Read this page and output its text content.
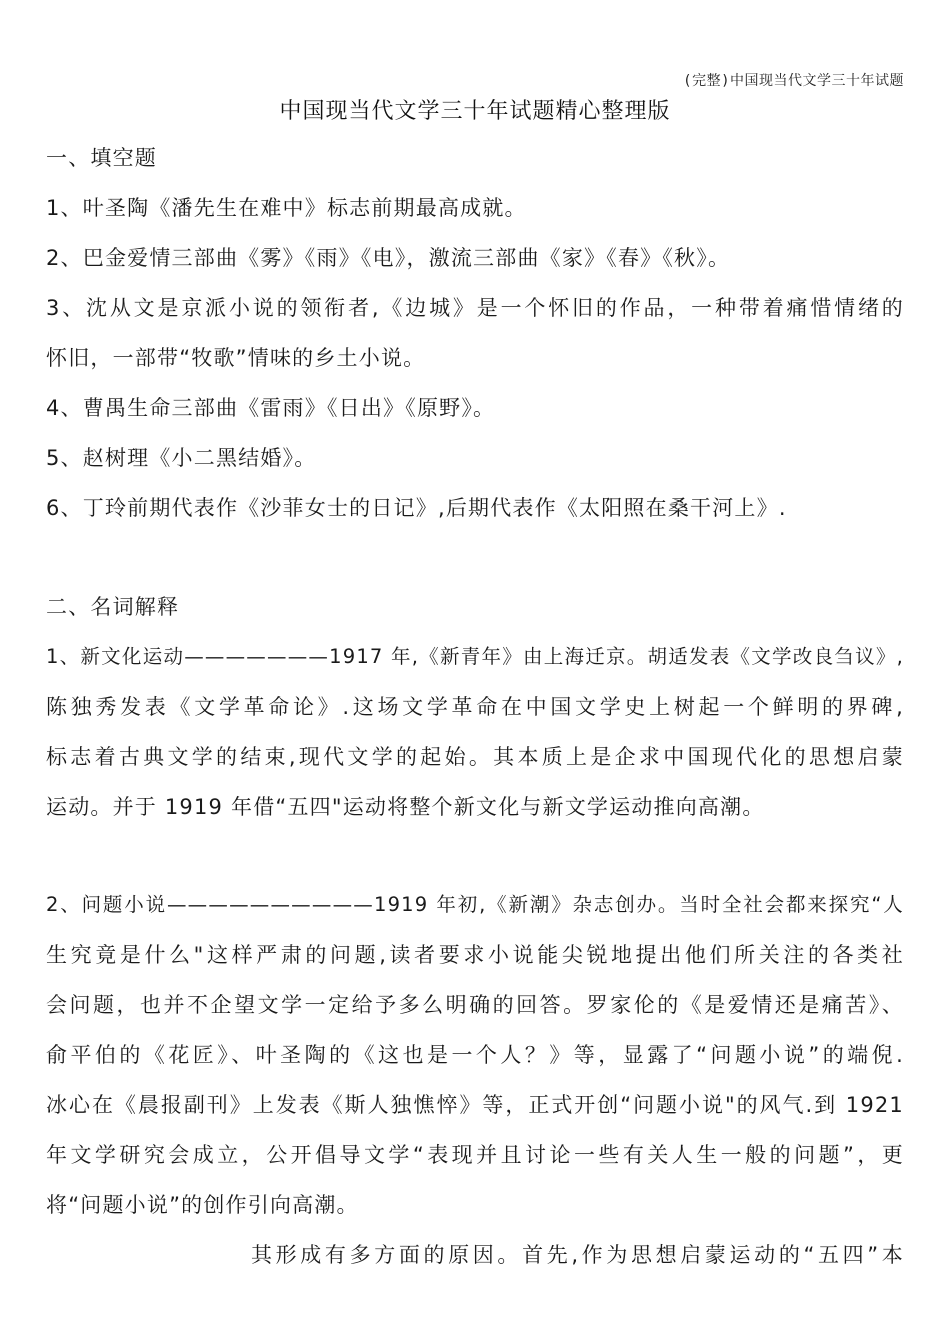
(完整)中国现当代文学三十年试题
中国现当代文学三十年试题精心整理版
一、填空题
1、叶圣陶《潘先生在难中》标志前期最高成就。
2、巴金爱情三部曲《雾》《雨》《电》，激流三部曲《家》《春》《秋》。
3、沈从文是京派小说的领衔者,《边城》是一个怀旧的作品，一种带着痛惜情绪的
怀旧，一部带“牧歌”情味的乡土小说。
4、曹禺生命三部曲《雷雨》《日出》《原野》。
5、赵树理《小二黑结婚》。
6、丁玲前期代表作《沙菲女士的日记》,后期代表作《太阳照在桑干河上》.
二、名词解释
1、新文化运动———————1917 年,《新青年》由上海迁京。胡适发表《文学改良刍议》,
陈独秀发表《文学革命论》.这场文学革命在中国文学史上树起一个鲜明的界碑,
标志着古典文学的结束,现代文学的起始。其本质上是企求中国现代化的思想启蒙
运动。并于 1919 年借“五四"运动将整个新文化与新文学运动推向高潮。
2、问题小说——————————1919 年初,《新潮》杂志创办。当时全社会都来探究“人
生究竟是什么"这样严肃的问题,读者要求小说能尖锐地提出他们所关注的各类社
会问题，也并不企望文学一定给予多么明确的回答。罗家伦的《是爱情还是痛苦》、
俞平伯的《花匠》、叶圣陶的《这也是一个人？》等，显露了“问题小说”的端倪.
冰心在《晨报副刊》上发表《斯人独憔悴》等，正式开创“问题小说"的风气.到 1921
年文学研究会成立，公开倡导文学“表现并且讨论一些有关人生一般的问题”，更
将“问题小说”的创作引向高潮。
其形成有多方面的原因。首先,作为思想启蒙运动的“五四”本
